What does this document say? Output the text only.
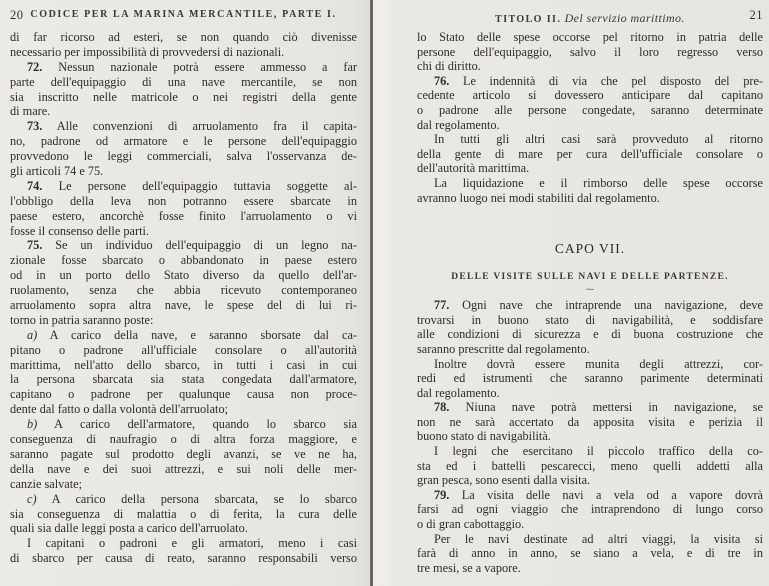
20 CODICE PER LA MARINA MERCANTILE, PARTE I.
di far ricorso ad esteri, se non quando ciò divenisse
necessario per impossibilità di provvedersi di nazionali.
72. Nessun nazionale potrà essere ammesso a far
parte dell'equipaggio di una nave mercantile, se non
sia inscritto nelle matricole o nei registri della gente
di mare.
73. Alle convenzioni di arruolamento fra il capita-
no, padrone od armatore e le persone dell'equipaggio
provvedono le leggi commerciali, salva l'osservanza de-
gli articoli 74 e 75.
74. Le persone dell'equipaggio tuttavia soggette al-
l'obbligo della leva non potranno essere sbarcate in
paese estero, ancorchè fosse finito l'arruolamento o vi
fosse il consenso delle parti.
75. Se un individuo dell'equipaggio di un legno na-
zionale fosse sbarcato o abbandonato in paese estero
od in un porto dello Stato diverso da quello dell'ar-
ruolamento, senza che abbia ricevuto contemporaneo
arruolamento sopra altra nave, le spese del di lui ri-
torno in patria saranno poste:
a) A carico della nave, e saranno sborsate dal ca-
pitano o padrone all'ufficiale consolare o all'autorità
marittima, nell'atto dello sbarco, in tutti i casi in cui
la persona sbarcata sia stata congedata dall'armatore,
capitano o padrone per qualunque causa non proce-
dente dal fatto o dalla volontà dell'arruolato;
b) A carico dell'armatore, quando lo sbarco sia
conseguenza di naufragio o di altra forza maggiore, e
saranno pagate sul prodotto degli avanzi, se ve ne ha,
della nave e dei suoi attrezzi, e sui noli delle mer-
canzie salvate;
c) A carico della persona sbarcata, se lo sbarco
sia conseguenza di malattia o di ferita, la cura delle
quali sia dalle leggi posta a carico dell'arruolato.
I capitani o padroni e gli armatori, meno i casi
di sbarco per causa di reato, saranno responsabili verso
TITOLO II. Del servizio marittimo.	21
lo Stato delle spese occorse pel ritorno in patria delle
persone dell'equipaggio, salvo il loro regresso verso
chi di diritto.
76. Le indennità di via che pel disposto del pre-
cedente articolo si dovessero anticipare dal capitano
o padrone alle persone congedate, saranno determinate
dal regolamento.
In tutti gli altri casi sarà provveduto al ritorno
della gente di mare per cura dell'ufficiale consolare o
dell'autorità marittima.
La liquidazione e il rimborso delle spese occorse
avranno luogo nei modi stabiliti dal regolamento.
CAPO VII.
DELLE VISITE SULLE NAVI E DELLE PARTENZE.
⁓
77. Ogni nave che intraprende una navigazione, deve
trovarsi in buono stato di navigabilità, e soddisfare
alle condizioni di sicurezza e di buona costruzione che
saranno prescritte dal regolamento.
Inoltre dovrà essere munita degli attrezzi, cor-
redi ed istrumenti che saranno parimente determinati
dal regolamento.
78. Niuna nave potrà mettersi in navigazione, se
non ne sarà accertato da apposita visita e perizia il
buono stato di navigabilità.
I legni che esercitano il piccolo traffico della co-
sta ed i battelli pescarecci, meno quelli addetti alla
gran pesca, sono esenti dalla visita.
79. La visita delle navi a vela od a vapore dovrà
farsi ad ogni viaggio che intraprendono di lungo corso
o di gran cabottaggio.
Per le navi destinate ad altri viaggi, la visita si
farà di anno in anno, se siano a vela, e di tre in
tre mesi, se a vapore.
